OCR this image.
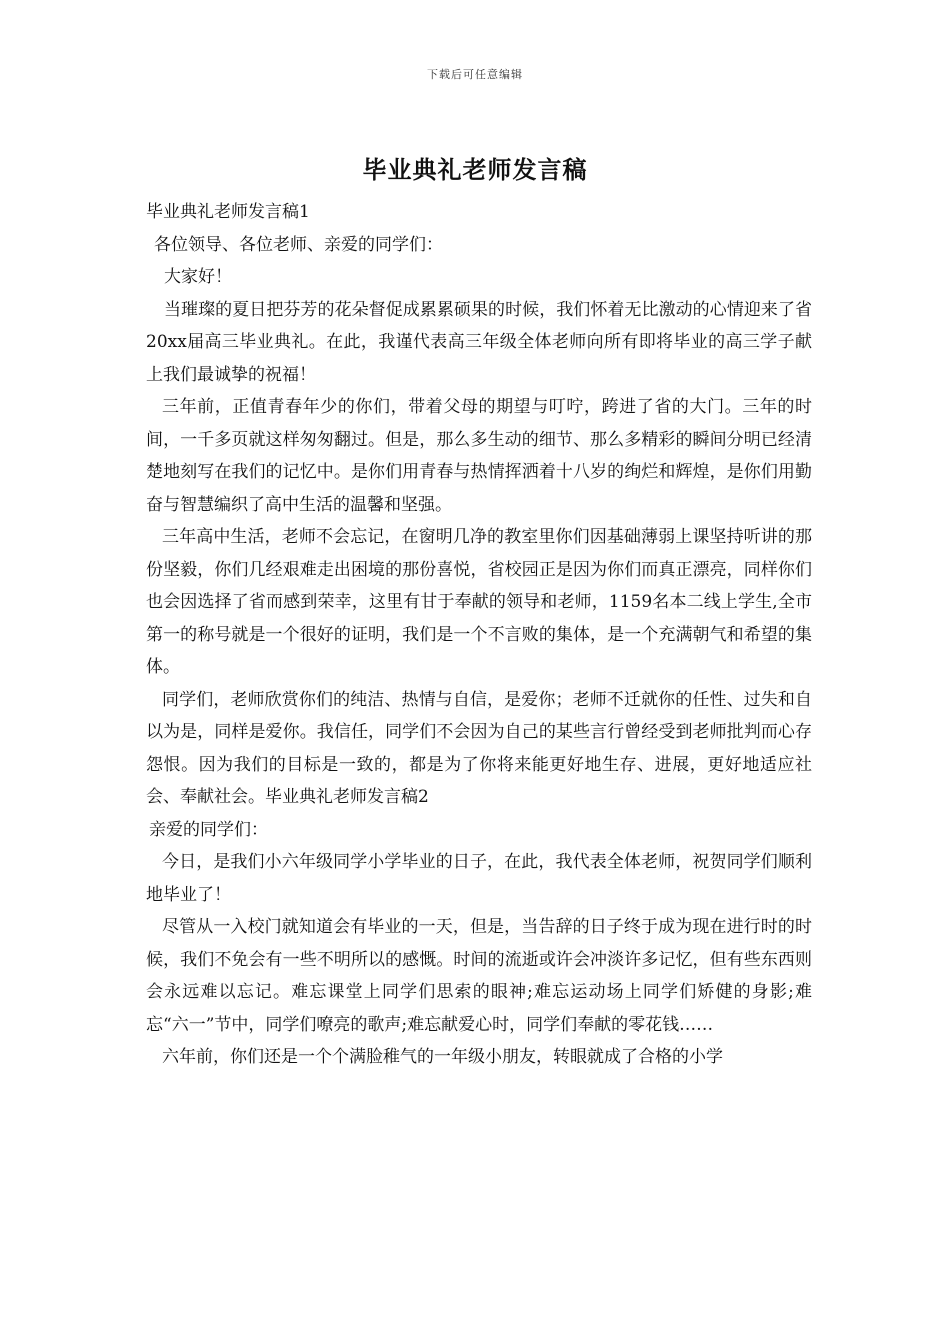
下载后可任意编辑
毕业典礼老师发言稿

毕业典礼老师发言稿1

各位领导、各位老师、亲爱的同学们：

大家好！

当璀璨的夏日把芬芳的花朵督促成累累硕果的时候，我们怀着无比激动的心情迎来了省20xx届高三毕业典礼。在此，我谨代表高三年级全体老师向所有即将毕业的高三学子献上我们最诚挚的祝福！

三年前，正值青春年少的你们，带着父母的期望与叮咛，跨进了省的大门。三年的时间，一千多页就这样匆匆翻过。但是，那么多生动的细节、那么多精彩的瞬间分明已经清楚地刻写在我们的记忆中。是你们用青春与热情挥洒着十八岁的绚烂和辉煌，是你们用勤奋与智慧编织了高中生活的温馨和坚强。

三年高中生活，老师不会忘记，在窗明几净的教室里你们因基础薄弱上课坚持听讲的那份坚毅，你们几经艰难走出困境的那份喜悦，省校园正是因为你们而真正漂亮，同样你们也会因选择了省而感到荣幸，这里有甘于奉献的领导和老师，1159名本二线上学生,全市第一的称号就是一个很好的证明，我们是一个不言败的集体，是一个充满朝气和希望的集体。

同学们，老师欣赏你们的纯洁、热情与自信，是爱你；老师不迁就你的任性、过失和自以为是，同样是爱你。我信任，同学们不会因为自己的某些言行曾经受到老师批判而心存怨恨。因为我们的目标是一致的，都是为了你将来能更好地生存、进展，更好地适应社会、奉献社会。毕业典礼老师发言稿2

亲爱的同学们：

今日，是我们小六年级同学小学毕业的日子，在此，我代表全体老师，祝贺同学们顺利地毕业了！

尽管从一入校门就知道会有毕业的一天，但是，当告辞的日子终于成为现在进行时的时候，我们不免会有一些不明所以的感慨。时间的流逝或许会冲淡许多记忆，但有些东西则会永远难以忘记。难忘课堂上同学们思索的眼神;难忘运动场上同学们矫健的身影;难忘“六一”节中，同学们嘹亮的歌声;难忘献爱心时，同学们奉献的零花钱……

六年前，你们还是一个个满脸稚气的一年级小朋友，转眼就成了合格的小学
